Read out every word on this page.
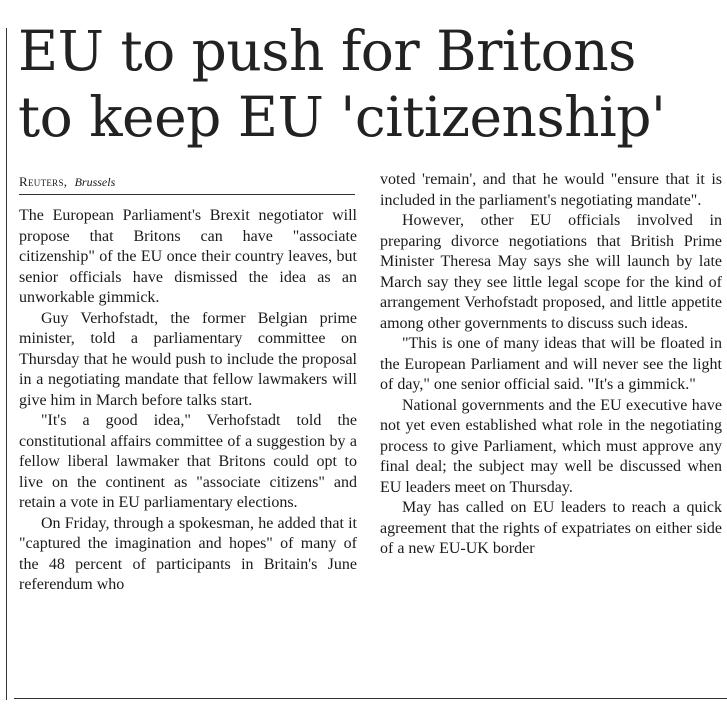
EU to push for Britons
to keep EU 'citizenship'
Reuters, Brussels

The European Parliament's Brexit negotiator will propose that Britons can have "associate citizenship" of the EU once their country leaves, but senior officials have dismissed the idea as an unworkable gimmick.

Guy Verhofstadt, the former Belgian prime minister, told a parliamentary committee on Thursday that he would push to include the proposal in a negotiating mandate that fellow lawmakers will give him in March before talks start.

"It's a good idea," Verhofstadt told the constitutional affairs committee of a suggestion by a fellow liberal lawmaker that Britons could opt to live on the continent as "associate citizens" and retain a vote in EU parliamentary elections.

On Friday, through a spokesman, he added that it "captured the imagination and hopes" of many of the 48 percent of participants in Britain's June referendum who

voted 'remain', and that he would "ensure that it is included in the parliament's negotiating mandate".

However, other EU officials involved in preparing divorce negotiations that British Prime Minister Theresa May says she will launch by late March say they see little legal scope for the kind of arrangement Verhofstadt proposed, and little appetite among other governments to discuss such ideas.

"This is one of many ideas that will be floated in the European Parliament and will never see the light of day," one senior official said. "It's a gimmick."

National governments and the EU executive have not yet even established what role in the negotiating process to give Parliament, which must approve any final deal; the subject may well be discussed when EU leaders meet on Thursday.

May has called on EU leaders to reach a quick agreement that the rights of expatriates on either side of a new EU-UK border
